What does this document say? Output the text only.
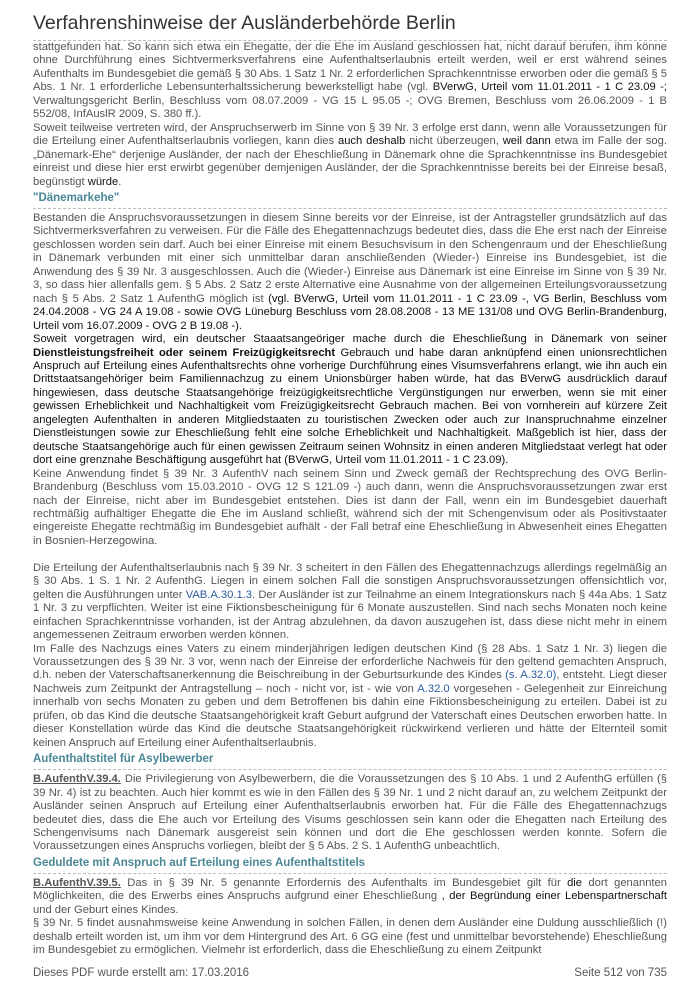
Verfahrenshinweise der Ausländerbehörde Berlin

stattgefunden hat. So kann sich etwa ein Ehegatte, der die Ehe im Ausland geschlossen hat, nicht darauf berufen, ihm könne ohne Durchführung eines Sichtvermerksverfahrens eine Aufenthaltserlaubnis erteilt werden, weil er erst während seines Aufenthalts im Bundesgebiet die gemäß § 30 Abs. 1 Satz 1 Nr. 2 erforderlichen Sprachkenntnisse erworben oder die gemäß § 5 Abs. 1 Nr. 1 erforderliche Lebensunterhaltssicherung bewerkstelligt habe (vgl. BVerwG, Urteil vom 11.01.2011 - 1 C 23.09 -; Verwaltungsgericht Berlin, Beschluss vom 08.07.2009 - VG 15 L 95.05 -; OVG Bremen, Beschluss vom 26.06.2009 - 1 B 552/08, InfAuslR 2009, S. 380 ff.).

Soweit teilweise vertreten wird, der Anspruchserwerb im Sinne von § 39 Nr. 3 erfolge erst dann, wenn alle Voraussetzungen für die Erteilung einer Aufenthaltserlaubnis vorliegen, kann dies auch deshalb nicht überzeugen, weil dann etwa im Falle der sog. „Dänemark-Ehe“ derjenige Ausländer, der nach der Eheschließung in Dänemark ohne die Sprachkenntnisse ins Bundesgebiet einreist und diese hier erst erwirbt gegenüber demjenigen Ausländer, der die Sprachkenntnisse bereits bei der Einreise besaß, begünstigt würde.

"Dänemarkehe"

Bestanden die Anspruchsvoraussetzungen in diesem Sinne bereits vor der Einreise, ist der Antragsteller grundsätzlich auf das Sichtvermerksverfahren zu verweisen. Für die Fälle des Ehegattennachzugs bedeutet dies, dass die Ehe erst nach der Einreise geschlossen worden sein darf. Auch bei einer Einreise mit einem Besuchsvisum in den Schengenraum und der Eheschließung in Dänemark verbunden mit einer sich unmittelbar daran anschließenden (Wieder-) Einreise ins Bundesgebiet, ist die Anwendung des § 39 Nr. 3 ausgeschlossen. Auch die (Wieder-) Einreise aus Dänemark ist eine Einreise im Sinne von § 39 Nr. 3, so dass hier allenfalls gem. § 5 Abs. 2 Satz 2 erste Alternative eine Ausnahme von der allgemeinen Erteilungsvoraussetzung nach § 5 Abs. 2 Satz 1 AufenthG möglich ist (vgl. BVerwG, Urteil vom 11.01.2011 - 1 C 23.09 -, VG Berlin, Beschluss vom 24.04.2008 - VG 24 A 19.08 - sowie OVG Lüneburg Beschluss vom 28.08.2008 - 13 ME 131/08 und OVG Berlin-Brandenburg, Urteil vom 16.07.2009 - OVG 2 B 19.08 -).

Soweit vorgetragen wird, ein deutscher Staaatsangeöriger mache durch die Eheschließung in Dänemark von seiner Dienstleistungsfreiheit oder seinem Freizügigkeitsrecht Gebrauch und habe daran anknüpfend einen unionsrechtlichen Anspruch auf Erteilung eines Aufenthaltsrechts ohne vorherige Durchführung eines Visumsverfahrens erlangt, wie ihn auch ein Drittstaatsangehöriger beim Familiennachzug zu einem Unionsbürger haben würde, hat das BVerwG ausdrücklich darauf hingewiesen, dass deutsche Staatsangehörige freizügigkeitsrechtliche Vergünstigungen nur erwerben, wenn sie mit einer gewissen Erheblichkeit und Nachhaltigkeit vom Freizügigkeitsrecht Gebrauch machen. Bei von vornherein auf kürzere Zeit angelegten Aufenthalten in anderen Mitgliedstaaten zu touristischen Zwecken oder auch zur Inanspruchnahme einzelner Dienstleistungen sowie zur Eheschließung fehlt eine solche Erheblichkeit und Nachhaltigkeit. Maßgeblich ist hier, dass der deutsche Staatsangehörige auch für einen gewissen Zeitraum seinen Wohnsitz in einen anderen Mitgliedstaat verlegt hat oder dort eine grenznahe Beschäftigung ausgeführt hat (BVerwG, Urteil vom 11.01.2011 - 1 C 23.09).

Keine Anwendung findet § 39 Nr. 3 AufenthV nach seinem Sinn und Zweck gemäß der Rechtsprechung des OVG Berlin-Brandenburg (Beschluss vom 15.03.2010 - OVG 12 S 121.09 -) auch dann, wenn die Anspruchsvoraussetzungen zwar erst nach der Einreise, nicht aber im Bundesgebiet entstehen. Dies ist dann der Fall, wenn ein im Bundesgebiet dauerhaft rechtmäßig aufhältiger Ehegatte die Ehe im Ausland schließt, während sich der mit Schengenvisum oder als Positivstaater eingereiste Ehegatte rechtmäßig im Bundesgebiet aufhält - der Fall betraf eine Eheschließung in Abwesenheit eines Ehegatten in Bosnien-Herzegowina.

Die Erteilung der Aufenthaltserlaubnis nach § 39 Nr. 3 scheitert in den Fällen des Ehegattennachzugs allerdings regelmäßig an § 30 Abs. 1 S. 1 Nr. 2 AufenthG. Liegen in einem solchen Fall die sonstigen Anspruchsvoraussetzungen offensichtlich vor, gelten die Ausführungen unter VAB.A.30.1.3. Der Ausländer ist zur Teilnahme an einem Integrationskurs nach § 44a Abs. 1 Satz 1 Nr. 3 zu verpflichten. Weiter ist eine Fiktionsbescheinigung für 6 Monate auszustellen. Sind nach sechs Monaten noch keine einfachen Sprachkenntnisse vorhanden, ist der Antrag abzulehnen, da davon auszugehen ist, dass diese nicht mehr in einem angemessenen Zeitraum erworben werden können.

Im Falle des Nachzugs eines Vaters zu einem minderjährigen ledigen deutschen Kind (§ 28 Abs. 1 Satz 1 Nr. 3) liegen die Voraussetzungen des § 39 Nr. 3 vor, wenn nach der Einreise der erforderliche Nachweis für den geltend gemachten Anspruch, d.h. neben der Vaterschaftsanerkennung die Beischreibung in der Geburtsurkunde des Kindes (s. A.32.0), entsteht. Liegt dieser Nachweis zum Zeitpunkt der Antragstellung – noch - nicht vor, ist - wie von A.32.0 vorgesehen - Gelegenheit zur Einreichung innerhalb von sechs Monaten zu geben und dem Betroffenen bis dahin eine Fiktionsbescheinigung zu erteilen. Dabei ist zu prüfen, ob das Kind die deutsche Staatsangehörigkeit kraft Geburt aufgrund der Vaterschaft eines Deutschen erworben hatte. In dieser Konstellation würde das Kind die deutsche Staatsangehörigkeit rückwirkend verlieren und hätte der Elternteil somit keinen Anspruch auf Erteilung einer Aufenthaltserlaubnis.

Aufenthaltstitel für Asylbewerber

B.AufenthV.39.4. Die Privilegierung von Asylbewerbern, die die Voraussetzungen des § 10 Abs. 1 und 2 AufenthG erfüllen (§ 39 Nr. 4) ist zu beachten. Auch hier kommt es wie in den Fällen des § 39 Nr. 1 und 2 nicht darauf an, zu welchem Zeitpunkt der Ausländer seinen Anspruch auf Erteilung einer Aufenthaltserlaubnis erworben hat. Für die Fälle des Ehegattennachzugs bedeutet dies, dass die Ehe auch vor Erteilung des Visums geschlossen sein kann oder die Ehegatten nach Erteilung des Schengenvisums nach Dänemark ausgereist sein können und dort die Ehe geschlossen werden konnte. Sofern die Voraussetzungen eines Anspruchs vorliegen, bleibt der § 5 Abs. 2 S. 1 AufenthG unbeachtlich.

Geduldete mit Anspruch auf Erteilung eines Aufenthaltstitels

B.AufenthV.39.5. Das in § 39 Nr. 5 genannte Erfordernis des Aufenthalts im Bundesgebiet gilt für die dort genannten Möglichkeiten, die des Erwerbs eines Anspruchs aufgrund einer Eheschließung , der Begründung einer Lebenspartnerschaft und der Geburt eines Kindes.

§ 39 Nr. 5 findet ausnahmsweise keine Anwendung in solchen Fällen, in denen dem Ausländer eine Duldung ausschließlich (!) deshalb erteilt worden ist, um ihm vor dem Hintergrund des Art. 6 GG eine (fest und unmittelbar bevorstehende) Eheschließung im Bundesgebiet zu ermöglichen. Vielmehr ist erforderlich, dass die Eheschließung zu einem Zeitpunkt

Dieses PDF wurde erstellt am: 17.03.2016	Seite 512 von 735
